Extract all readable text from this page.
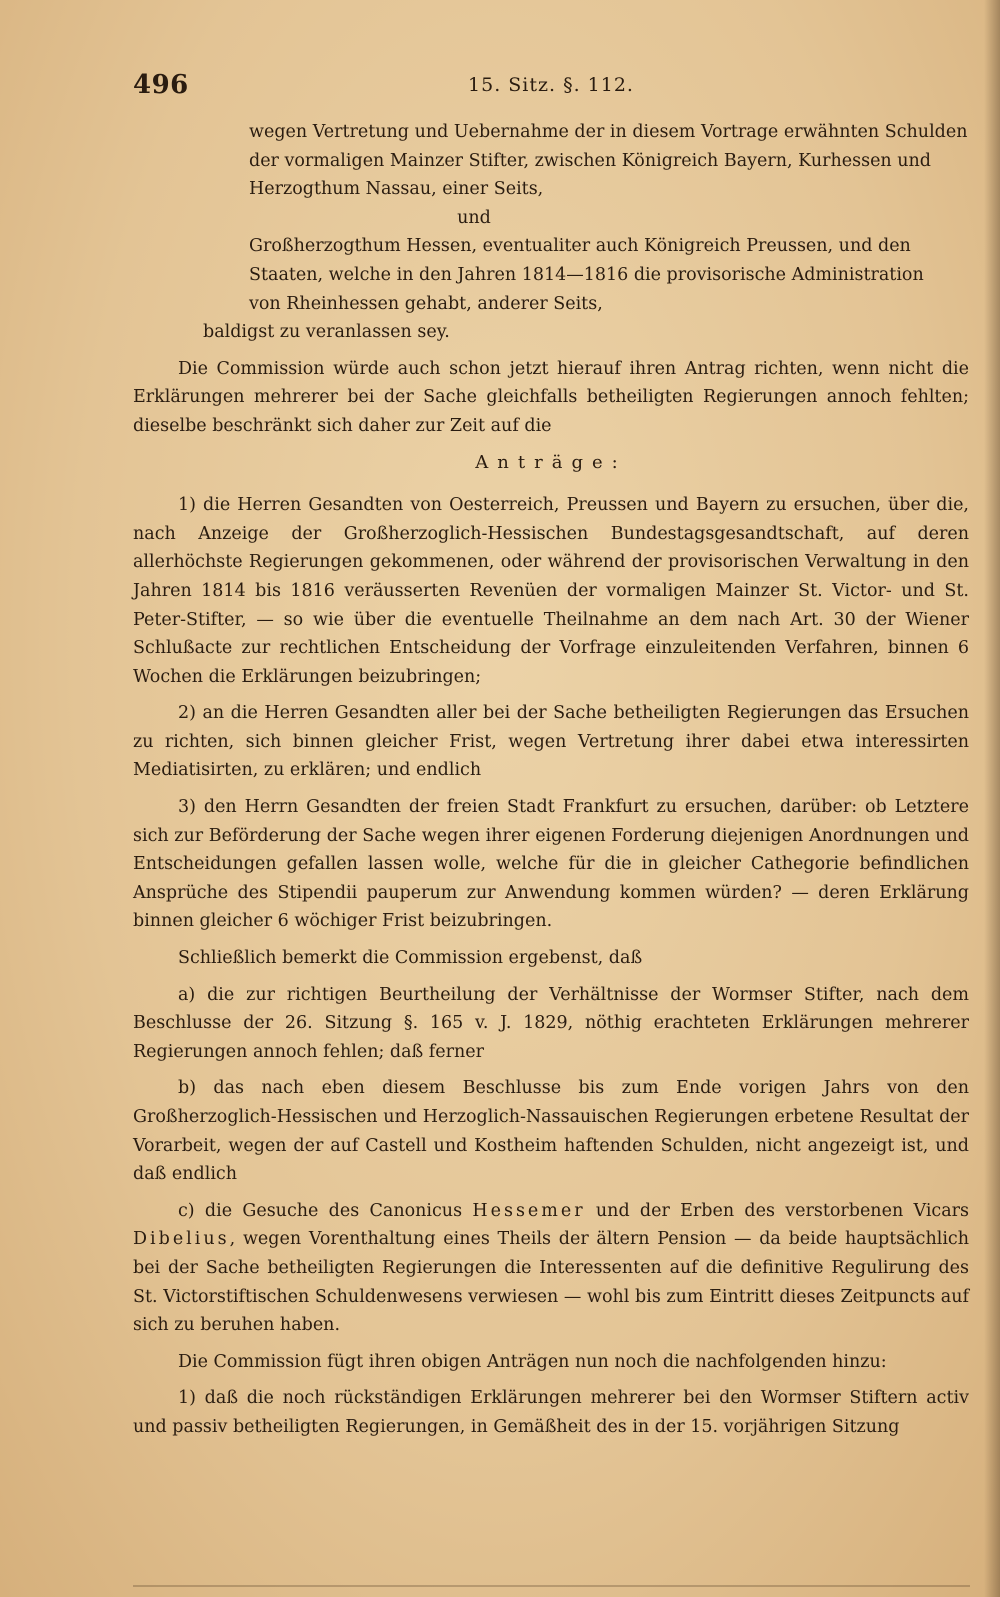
496	15. Sitz. §. 112.

wegen Vertretung und Uebernahme der in diesem Vortrage erwähnten Schulden

der vormaligen Mainzer Stifter, zwischen Königreich Bayern, Kurhessen und

Herzogthum Nassau, einer Seits,

und

Großherzogthum Hessen, eventualiter auch Königreich Preussen, und den

Staaten, welche in den Jahren 1814—1816 die provisorische Administration

von Rheinhessen gehabt, anderer Seits,

baldigst zu veranlassen sey.

Die Commission würde auch schon jetzt hierauf ihren Antrag richten, wenn nicht die Erklärungen mehrerer bei der Sache gleichfalls betheiligten Regierungen annoch fehlten; dieselbe beschränkt sich daher zur Zeit auf die

Anträge:

1) die Herren Gesandten von Oesterreich, Preussen und Bayern zu ersuchen, über die, nach Anzeige der Großherzoglich-Hessischen Bundestagsgesandtschaft, auf deren allerhöchste Regierungen gekommenen, oder während der provisorischen Verwaltung in den Jahren 1814 bis 1816 veräusserten Revenüen der vormaligen Mainzer St. Victor- und St. Peter-Stifter, — so wie über die eventuelle Theilnahme an dem nach Art. 30 der Wiener Schlußacte zur rechtlichen Entscheidung der Vorfrage einzuleitenden Verfahren, binnen 6 Wochen die Erklärungen beizubringen;

2) an die Herren Gesandten aller bei der Sache betheiligten Regierungen das Ersuchen zu richten, sich binnen gleicher Frist, wegen Vertretung ihrer dabei etwa interessirten Mediatisirten, zu erklären; und endlich

3) den Herrn Gesandten der freien Stadt Frankfurt zu ersuchen, darüber: ob Letztere sich zur Beförderung der Sache wegen ihrer eigenen Forderung diejenigen Anordnungen und Entscheidungen gefallen lassen wolle, welche für die in gleicher Cathegorie befindlichen Ansprüche des Stipendii pauperum zur Anwendung kommen würden? — deren Erklärung binnen gleicher 6 wöchiger Frist beizubringen.

Schließlich bemerkt die Commission ergebenst, daß

a) die zur richtigen Beurtheilung der Verhältnisse der Wormser Stifter, nach dem Beschlusse der 26. Sitzung §. 165 v. J. 1829, nöthig erachteten Erklärungen mehrerer Regierungen annoch fehlen; daß ferner

b) das nach eben diesem Beschlusse bis zum Ende vorigen Jahrs von den Großherzoglich-Hessischen und Herzoglich-Nassauischen Regierungen erbetene Resultat der Vorarbeit, wegen der auf Castell und Kostheim haftenden Schulden, nicht angezeigt ist, und daß endlich

c) die Gesuche des Canonicus Hessemer und der Erben des verstorbenen Vicars Dibelius, wegen Vorenthaltung eines Theils der ältern Pension — da beide hauptsächlich bei der Sache betheiligten Regierungen die Interessenten auf die definitive Regulirung des St. Victorstiftischen Schuldenwesens verwiesen — wohl bis zum Eintritt dieses Zeitpuncts auf sich zu beruhen haben.

Die Commission fügt ihren obigen Anträgen nun noch die nachfolgenden hinzu:

1) daß die noch rückständigen Erklärungen mehrerer bei den Wormser Stiftern activ und passiv betheiligten Regierungen, in Gemäßheit des in der 15. vorjährigen Sitzung
